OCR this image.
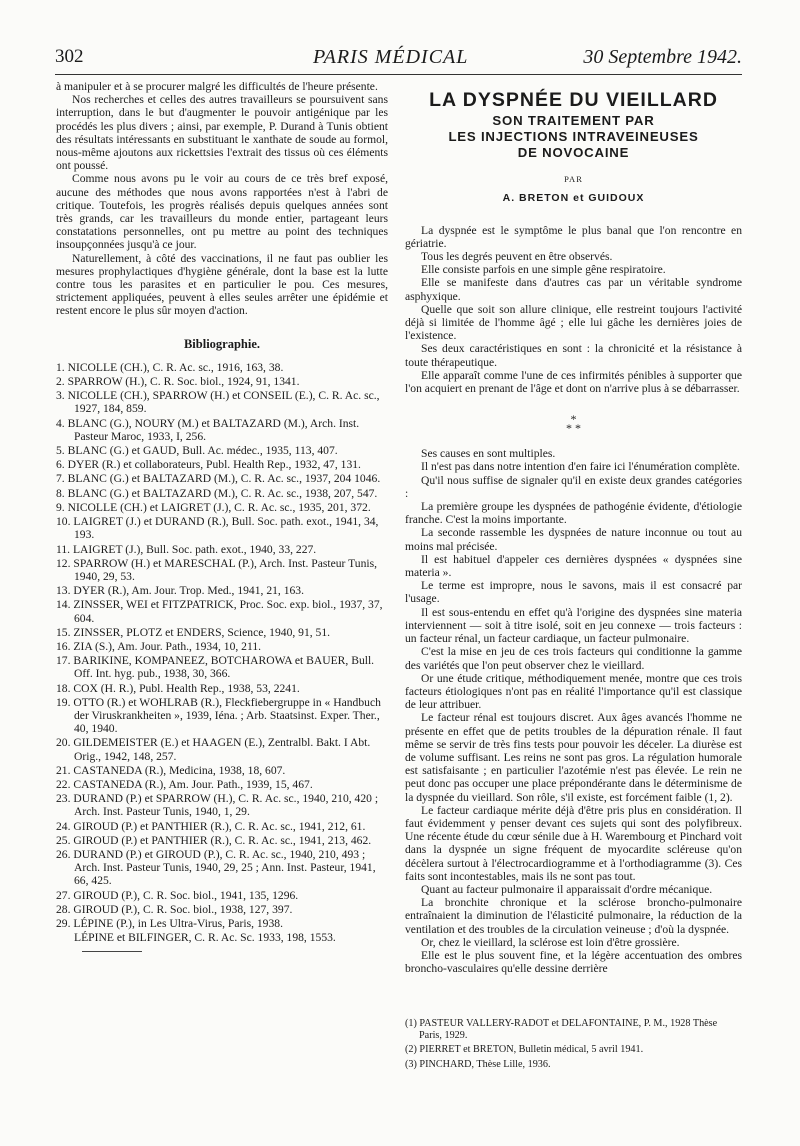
302	PARIS MÉDICAL	30 Septembre 1942.

à manipuler et à se procurer malgré les difficultés de l'heure présente.

Nos recherches et celles des autres travailleurs se poursuivent sans interruption, dans le but d'augmenter le pouvoir antigénique par les procédés les plus divers ; ainsi, par exemple, P. Durand à Tunis obtient des résultats intéressants en substituant le xanthate de soude au formol, nous-même ajoutons aux rickettsies l'extrait des tissus où ces éléments ont poussé.

Comme nous avons pu le voir au cours de ce très bref exposé, aucune des méthodes que nous avons rapportées n'est à l'abri de critique. Toutefois, les progrès réalisés depuis quelques années sont très grands, car les travailleurs du monde entier, partageant leurs constatations personnelles, ont pu mettre au point des techniques insoupçonnées jusqu'à ce jour.

Naturellement, à côté des vaccinations, il ne faut pas oublier les mesures prophylactiques d'hygiène générale, dont la base est la lutte contre tous les parasites et en particulier le pou. Ces mesures, strictement appliquées, peuvent à elles seules arrêter une épidémie et restent encore le plus sûr moyen d'action.

Bibliographie.
1. NICOLLE (CH.), C. R. Ac. sc., 1916, 163, 38.
2. SPARROW (H.), C. R. Soc. biol., 1924, 91, 1341.
3. NICOLLE (CH.), SPARROW (H.) et CONSEIL (E.), C. R. Ac. sc., 1927, 184, 859.
4. BLANC (G.), NOURY (M.) et BALTAZARD (M.), Arch. Inst. Pasteur Maroc, 1933, I, 256.
5. BLANC (G.) et GAUD, Bull. Ac. médec., 1935, 113, 407.
6. DYER (R.) et collaborateurs, Publ. Health Rep., 1932, 47, 131.
7. BLANC (G.) et BALTAZARD (M.), C. R. Ac. sc., 1937, 204 1046.
8. BLANC (G.) et BALTAZARD (M.), C. R. Ac. sc., 1938, 207, 547.
9. NICOLLE (CH.) et LAIGRET (J.), C. R. Ac. sc., 1935, 201, 372.
10. LAIGRET (J.) et DURAND (R.), Bull. Soc. path. exot., 1941, 34, 193.
11. LAIGRET (J.), Bull. Soc. path. exot., 1940, 33, 227.
12. SPARROW (H.) et MARESCHAL (P.), Arch. Inst. Pasteur Tunis, 1940, 29, 53.
13. DYER (R.), Am. Jour. Trop. Med., 1941, 21, 163.
14. ZINSSER, WEI et FITZPATRICK, Proc. Soc. exp. biol., 1937, 37, 604.
15. ZINSSER, PLOTZ et ENDERS, Science, 1940, 91, 51.
16. ZIA (S.), Am. Jour. Path., 1934, 10, 211.
17. BARIKINE, KOMPANEEZ, BOTCHAROWA et BAUER, Bull. Off. Int. hyg. pub., 1938, 30, 366.
18. COX (H. R.), Publ. Health Rep., 1938, 53, 2241.
19. OTTO (R.) et WOHLRAB (R.), Fleckfiebergruppe in « Handbuch der Viruskrankheiten », 1939, Iéna. ; Arb. Staatsinst. Exper. Ther., 40, 1940.
20. GILDEMEISTER (E.) et HAAGEN (E.), Zentralbl. Bakt. I Abt. Orig., 1942, 148, 257.
21. CASTANEDA (R.), Medicina, 1938, 18, 607.
22. CASTANEDA (R.), Am. Jour. Path., 1939, 15, 467.
23. DURAND (P.) et SPARROW (H.), C. R. Ac. sc., 1940, 210, 420 ; Arch. Inst. Pasteur Tunis, 1940, 1, 29.
24. GIROUD (P.) et PANTHIER (R.), C. R. Ac. sc., 1941, 212, 61.
25. GIROUD (P.) et PANTHIER (R.), C. R. Ac. sc., 1941, 213, 462.
26. DURAND (P.) et GIROUD (P.), C. R. Ac. sc., 1940, 210, 493 ; Arch. Inst. Pasteur Tunis, 1940, 29, 25 ; Ann. Inst. Pasteur, 1941, 66, 425.
27. GIROUD (P.), C. R. Soc. biol., 1941, 135, 1296.
28. GIROUD (P.), C. R. Soc. biol., 1938, 127, 397.
29. LÉPINE (P.), in Les Ultra-Virus, Paris, 1938.
LÉPINE et BILFINGER, C. R. Ac. Sc. 1933, 198, 1553.
LA DYSPNÉE DU VIEILLARD
SON TRAITEMENT PAR
LES INJECTIONS INTRAVEINEUSES
DE NOVOCAINE
PAR
A. BRETON et GUIDOUX

La dyspnée est le symptôme le plus banal que l'on rencontre en gériatrie.

Tous les degrés peuvent en être observés.

Elle consiste parfois en une simple gêne respiratoire.

Elle se manifeste dans d'autres cas par un véritable syndrome asphyxique.

Quelle que soit son allure clinique, elle restreint toujours l'activité déjà si limitée de l'homme âgé ; elle lui gâche les dernières joies de l'existence.

Ses deux caractéristiques en sont : la chronicité et la résistance à toute thérapeutique.

Elle apparaît comme l'une de ces infirmités pénibles à supporter que l'on acquiert en prenant de l'âge et dont on n'arrive plus à se débarrasser.

*
* *

Ses causes en sont multiples.

Il n'est pas dans notre intention d'en faire ici l'énumération complète.

Qu'il nous suffise de signaler qu'il en existe deux grandes catégories :

La première groupe les dyspnées de pathogénie évidente, d'étiologie franche. C'est la moins importante.

La seconde rassemble les dyspnées de nature inconnue ou tout au moins mal précisée.

Il est habituel d'appeler ces dernières dyspnées « dyspnées sine materia ».

Le terme est impropre, nous le savons, mais il est consacré par l'usage.

Il est sous-entendu en effet qu'à l'origine des dyspnées sine materia interviennent — soit à titre isolé, soit en jeu connexe — trois facteurs : un facteur rénal, un facteur cardiaque, un facteur pulmonaire.

C'est la mise en jeu de ces trois facteurs qui conditionne la gamme des variétés que l'on peut observer chez le vieillard.

Or une étude critique, méthodiquement menée, montre que ces trois facteurs étiologiques n'ont pas en réalité l'importance qu'il est classique de leur attribuer.

Le facteur rénal est toujours discret. Aux âges avancés l'homme ne présente en effet que de petits troubles de la dépuration rénale. Il faut même se servir de très fins tests pour pouvoir les déceler. La diurèse est de volume suffisant. Les reins ne sont pas gros. La régulation humorale est satisfaisante ; en particulier l'azotémie n'est pas élevée. Le rein ne peut donc pas occuper une place prépondérante dans le déterminisme de la dyspnée du vieillard. Son rôle, s'il existe, est forcément faible (1, 2).

Le facteur cardiaque mérite déjà d'être pris plus en considération. Il faut évidemment y penser devant ces sujets qui sont des polyfibreux. Une récente étude du cœur sénile due à H. Warembourg et Pinchard voit dans la dyspnée un signe fréquent de myocardite scléreuse qu'on décèlera surtout à l'électrocardiogramme et à l'orthodiagramme (3). Ces faits sont incontestables, mais ils ne sont pas tout.

Quant au facteur pulmonaire il apparaissait d'ordre mécanique.

La bronchite chronique et la sclérose broncho-pulmonaire entraînaient la diminution de l'élasticité pulmonaire, la réduction de la ventilation et des troubles de la circulation veineuse ; d'où la dyspnée.

Or, chez le vieillard, la sclérose est loin d'être grossière.

Elle est le plus souvent fine, et la légère accentuation des ombres broncho-vasculaires qu'elle dessine derrière

(1) PASTEUR VALLERY-RADOT et DELAFONTAINE, P. M., 1928 Thèse Paris, 1929.

(2) PIERRET et BRETON, Bulletin médical, 5 avril 1941.

(3) PINCHARD, Thèse Lille, 1936.
